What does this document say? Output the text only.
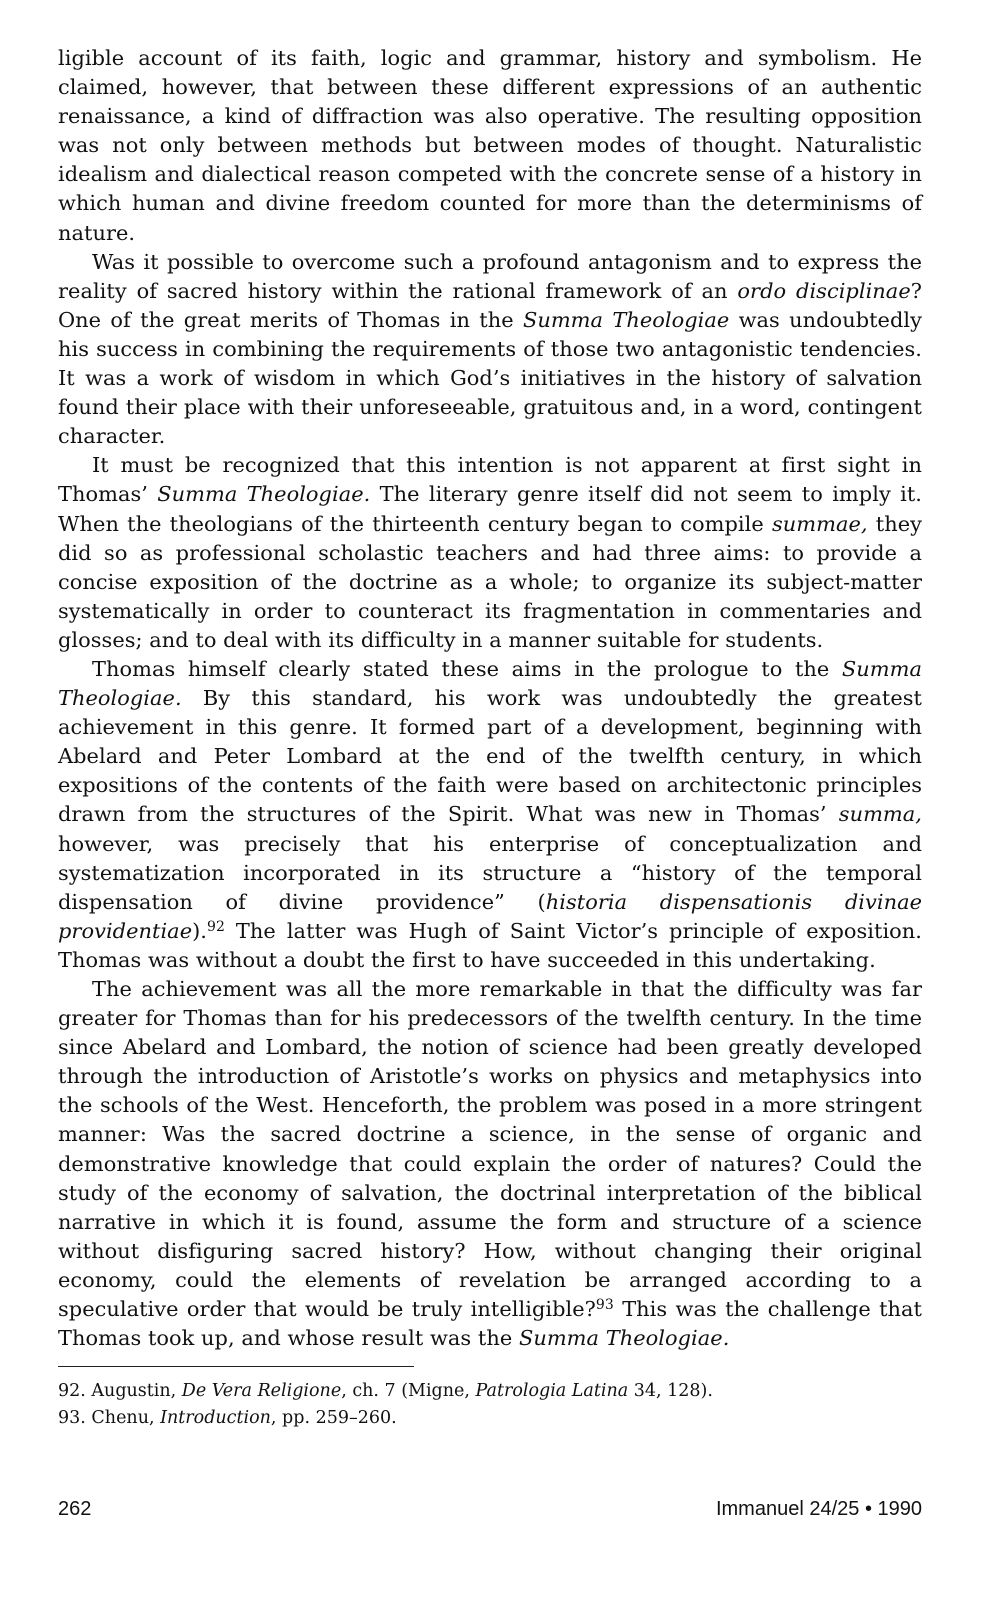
ligible account of its faith, logic and grammar, history and symbolism. He claimed, however, that between these different expressions of an authentic renaissance, a kind of diffraction was also operative. The resulting opposition was not only between methods but between modes of thought. Naturalistic idealism and dialectical reason competed with the concrete sense of a history in which human and divine freedom counted for more than the determinisms of nature.

Was it possible to overcome such a profound antagonism and to express the reality of sacred history within the rational framework of an ordo disciplinae? One of the great merits of Thomas in the Summa Theologiae was undoubtedly his success in combining the requirements of those two antagonistic tendencies. It was a work of wisdom in which God’s initiatives in the history of salvation found their place with their unforeseeable, gratuitous and, in a word, contingent character.

It must be recognized that this intention is not apparent at first sight in Thomas’ Summa Theologiae. The literary genre itself did not seem to imply it. When the theologians of the thirteenth century began to compile summae, they did so as professional scholastic teachers and had three aims: to provide a concise exposition of the doctrine as a whole; to organize its subject-matter systematically in order to counteract its fragmentation in commentaries and glosses; and to deal with its difficulty in a manner suitable for students.

Thomas himself clearly stated these aims in the prologue to the Summa Theologiae. By this standard, his work was undoubtedly the greatest achievement in this genre. It formed part of a development, beginning with Abelard and Peter Lombard at the end of the twelfth century, in which expositions of the contents of the faith were based on architectonic principles drawn from the structures of the Spirit. What was new in Thomas’ summa, however, was precisely that his enterprise of conceptualization and systematization incorporated in its structure a “history of the temporal dispensation of divine providence” (historia dispensationis divinae providentiae).$^{92}$ The latter was Hugh of Saint Victor’s principle of exposition. Thomas was without a doubt the first to have succeeded in this undertaking.

The achievement was all the more remarkable in that the difficulty was far greater for Thomas than for his predecessors of the twelfth century. In the time since Abelard and Lombard, the notion of science had been greatly developed through the introduction of Aristotle’s works on physics and metaphysics into the schools of the West. Henceforth, the problem was posed in a more stringent manner: Was the sacred doctrine a science, in the sense of organic and demonstrative knowledge that could explain the order of natures? Could the study of the economy of salvation, the doctrinal interpretation of the biblical narrative in which it is found, assume the form and structure of a science without disfiguring sacred history? How, without changing their original economy, could the elements of revelation be arranged according to a speculative order that would be truly intelligible?$^{93}$ This was the challenge that Thomas took up, and whose result was the Summa Theologiae.

92. Augustin, De Vera Religione, ch. 7 (Migne, Patrologia Latina 34, 128).

93. Chenu, Introduction, pp. 259–260.

262	Immanuel 24/25 • 1990
